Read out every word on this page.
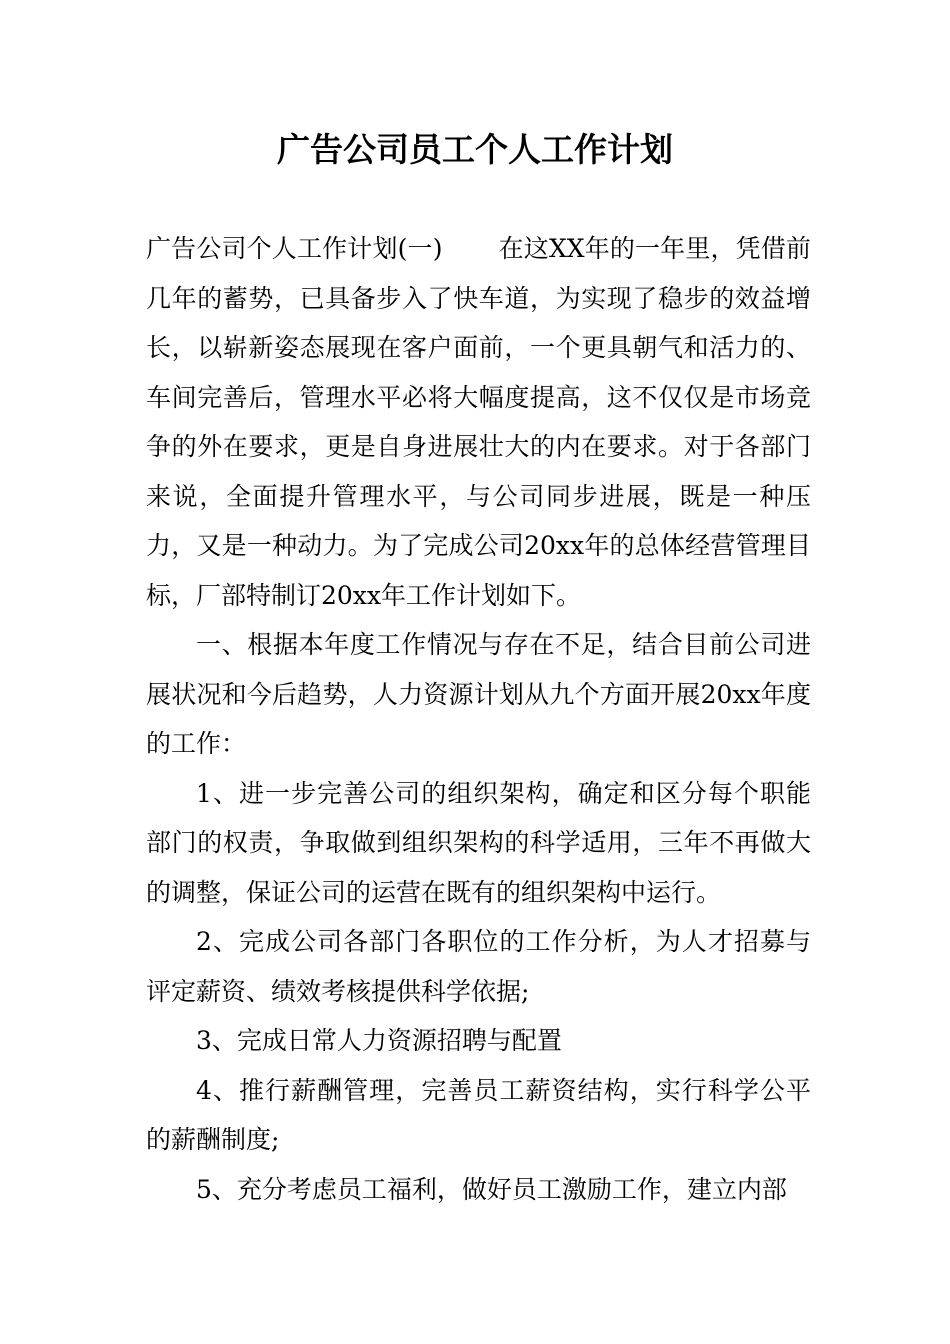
广告公司员工个人工作计划

广告公司个人工作计划(一) 在这XX年的一年里，凭借前几年的蓄势，已具备步入了快车道，为实现了稳步的效益增长，以崭新姿态展现在客户面前，一个更具朝气和活力的、车间完善后，管理水平必将大幅度提高，这不仅仅是市场竞争的外在要求，更是自身进展壮大的内在要求。对于各部门来说，全面提升管理水平，与公司同步进展，既是一种压力，又是一种动力。为了完成公司20xx年的总体经营管理目标，厂部特制订20xx年工作计划如下。

一、根据本年度工作情况与存在不足，结合目前公司进展状况和今后趋势，人力资源计划从九个方面开展20xx年度的工作：

1、进一步完善公司的组织架构，确定和区分每个职能部门的权责，争取做到组织架构的科学适用，三年不再做大的调整，保证公司的运营在既有的组织架构中运行。

2、完成公司各部门各职位的工作分析，为人才招募与评定薪资、绩效考核提供科学依据;

3、完成日常人力资源招聘与配置

4、推行薪酬管理，完善员工薪资结构，实行科学公平的薪酬制度;

5、充分考虑员工福利，做好员工激励工作，建立内部
